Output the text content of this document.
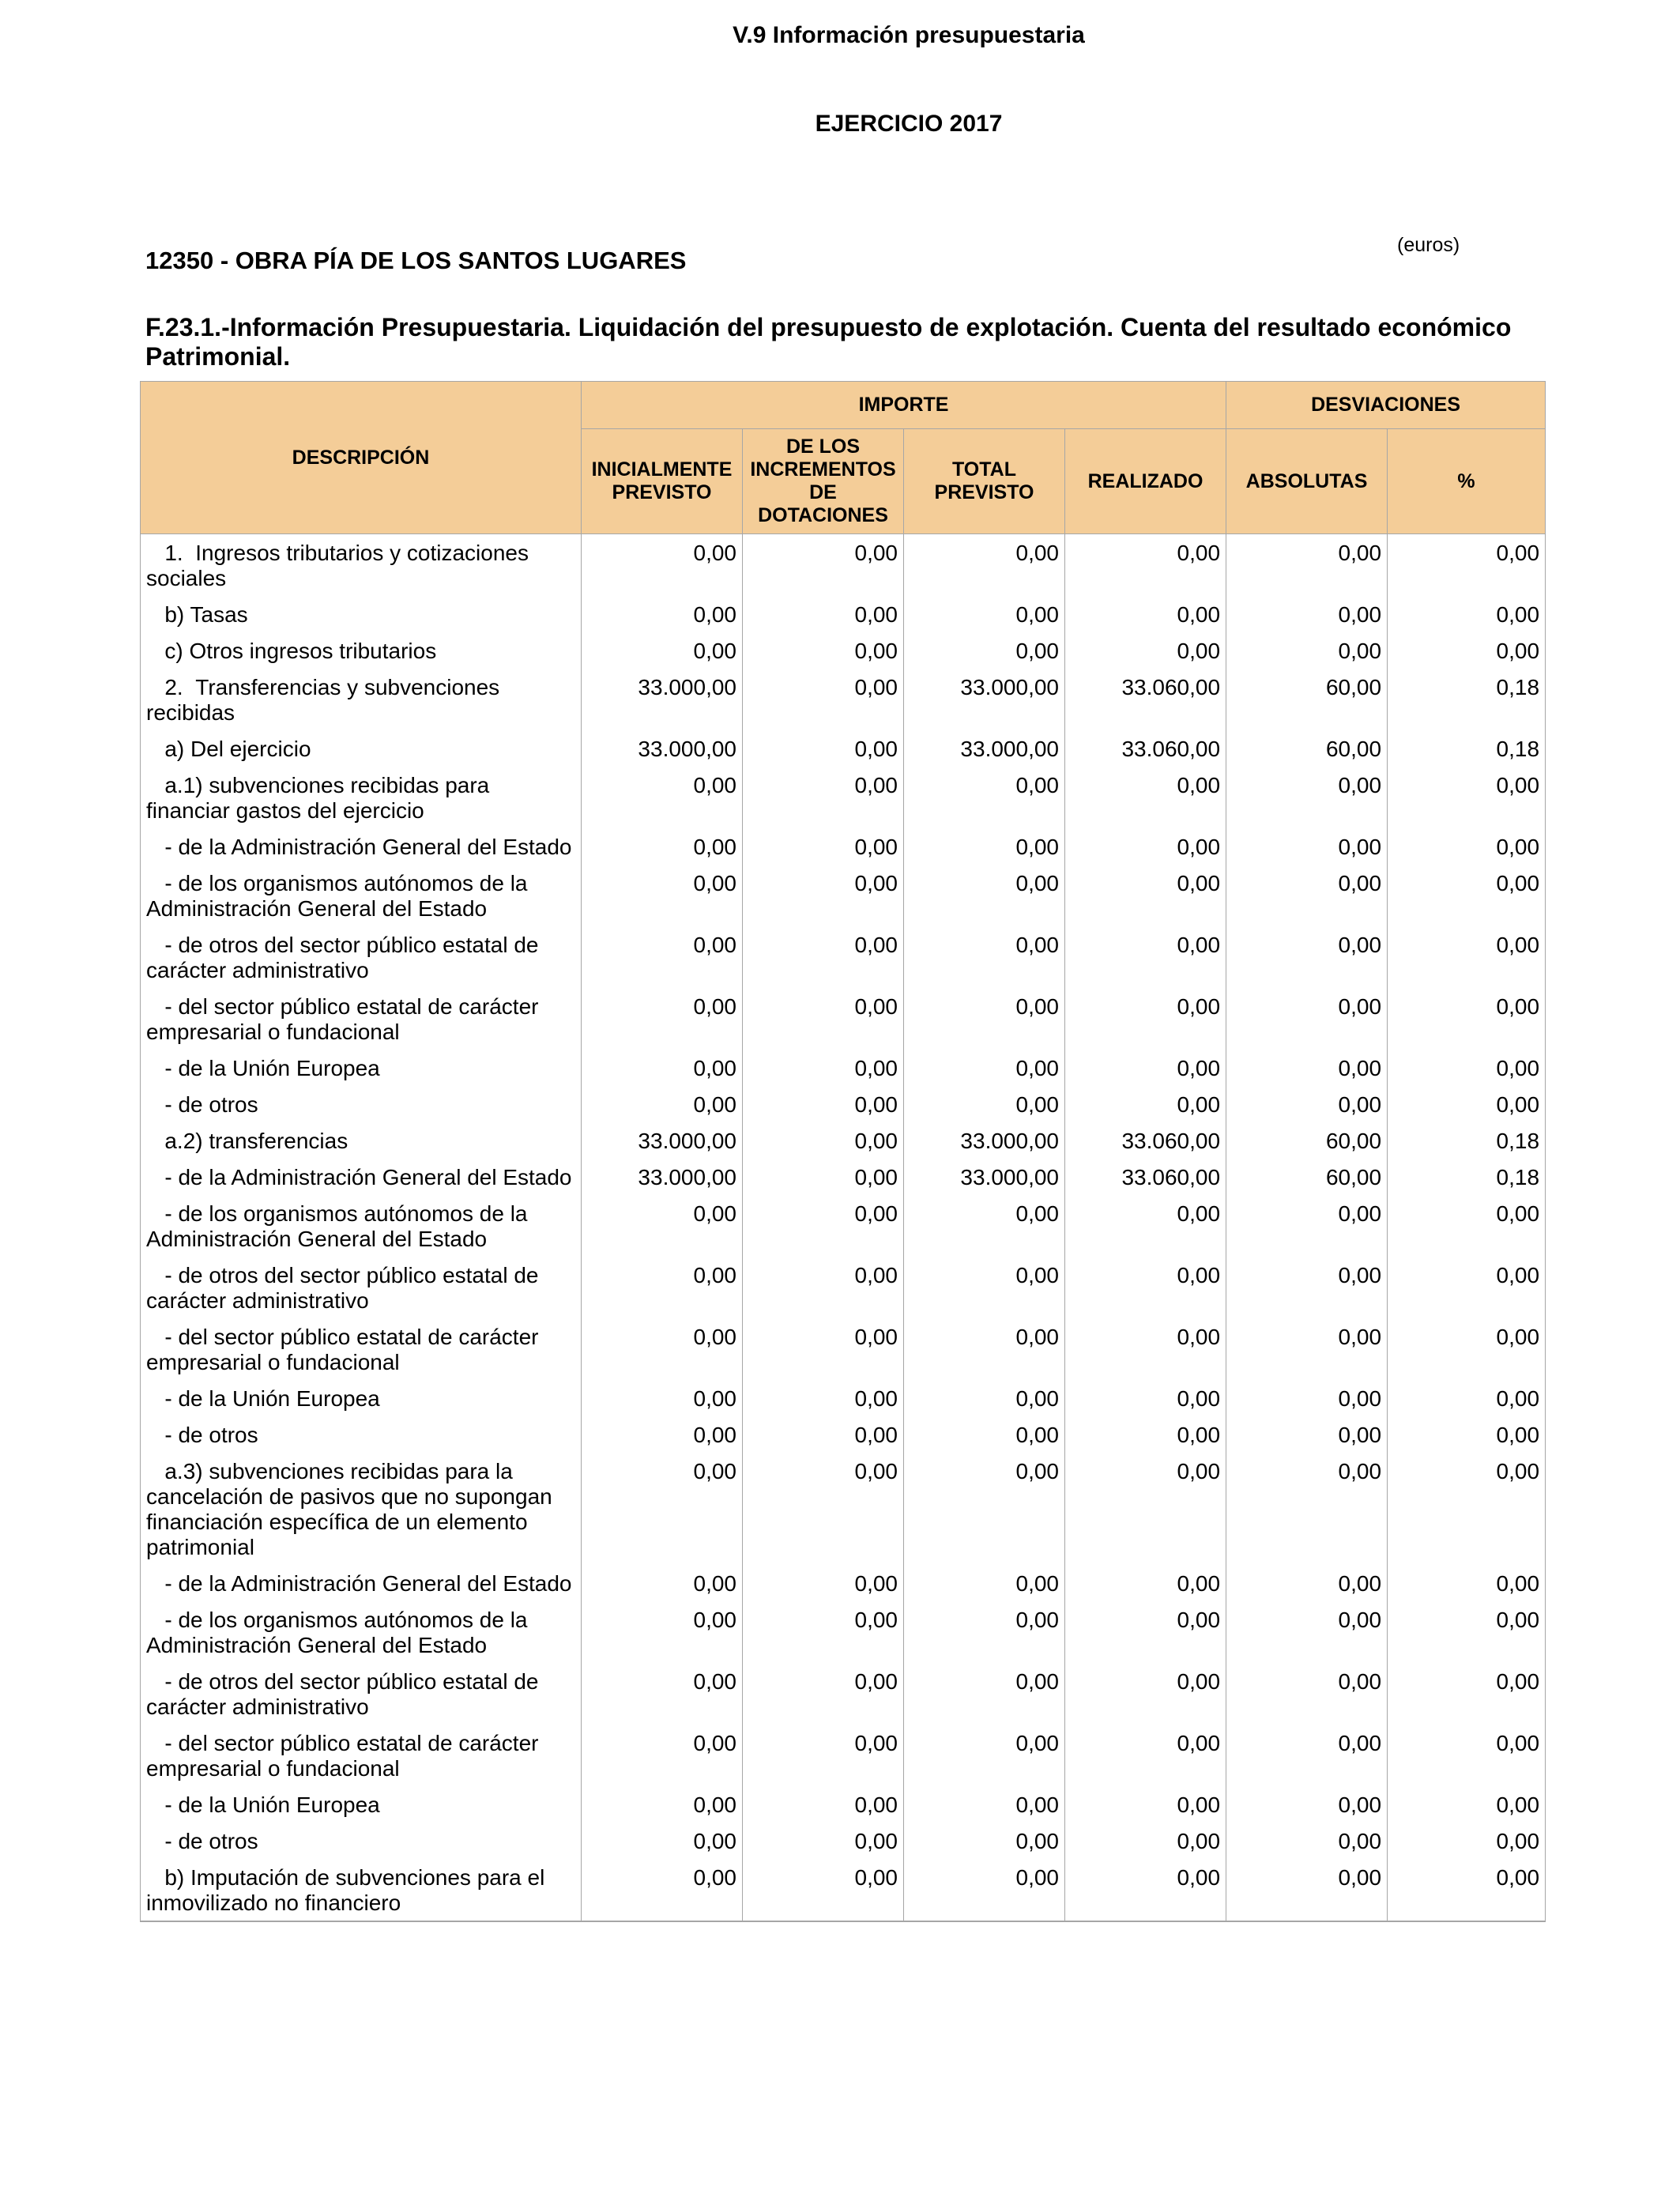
V.9 Información presupuestaria
EJERCICIO 2017
12350 - OBRA PÍA DE LOS SANTOS LUGARES
(euros)
F.23.1.-Información Presupuestaria. Liquidación del presupuesto de explotación. Cuenta del resultado económico Patrimonial.
DESCRIPCIÓN	IMPORTE				DESVIACIONES	
	INICIALMENTE PREVISTO	DE LOS INCREMENTOS DE DOTACIONES	TOTAL PREVISTO	REALIZADO	ABSOLUTAS	%
1.  Ingresos tributarios y cotizaciones sociales	0,00	0,00	0,00	0,00	0,00	0,00
b) Tasas	0,00	0,00	0,00	0,00	0,00	0,00
c) Otros ingresos tributarios	0,00	0,00	0,00	0,00	0,00	0,00
2.  Transferencias y subvenciones recibidas	33.000,00	0,00	33.000,00	33.060,00	60,00	0,18
a) Del ejercicio	33.000,00	0,00	33.000,00	33.060,00	60,00	0,18
a.1) subvenciones recibidas para financiar gastos del ejercicio	0,00	0,00	0,00	0,00	0,00	0,00
- de la Administración General del Estado	0,00	0,00	0,00	0,00	0,00	0,00
- de los organismos autónomos de la Administración General del Estado	0,00	0,00	0,00	0,00	0,00	0,00
- de otros del sector público estatal de carácter administrativo	0,00	0,00	0,00	0,00	0,00	0,00
- del sector público estatal de carácter empresarial o fundacional	0,00	0,00	0,00	0,00	0,00	0,00
- de la Unión Europea	0,00	0,00	0,00	0,00	0,00	0,00
- de otros	0,00	0,00	0,00	0,00	0,00	0,00
a.2) transferencias	33.000,00	0,00	33.000,00	33.060,00	60,00	0,18
- de la Administración General del Estado	33.000,00	0,00	33.000,00	33.060,00	60,00	0,18
- de los organismos autónomos de la Administración General del Estado	0,00	0,00	0,00	0,00	0,00	0,00
- de otros del sector público estatal de carácter administrativo	0,00	0,00	0,00	0,00	0,00	0,00
- del sector público estatal de carácter empresarial o fundacional	0,00	0,00	0,00	0,00	0,00	0,00
- de la Unión Europea	0,00	0,00	0,00	0,00	0,00	0,00
- de otros	0,00	0,00	0,00	0,00	0,00	0,00
a.3) subvenciones recibidas para la cancelación de pasivos que no supongan financiación específica de un elemento patrimonial	0,00	0,00	0,00	0,00	0,00	0,00
- de la Administración General del Estado	0,00	0,00	0,00	0,00	0,00	0,00
- de los organismos autónomos de la Administración General del Estado	0,00	0,00	0,00	0,00	0,00	0,00
- de otros del sector público estatal de carácter administrativo	0,00	0,00	0,00	0,00	0,00	0,00
- del sector público estatal de carácter empresarial o fundacional	0,00	0,00	0,00	0,00	0,00	0,00
- de la Unión Europea	0,00	0,00	0,00	0,00	0,00	0,00
- de otros	0,00	0,00	0,00	0,00	0,00	0,00
b) Imputación de subvenciones para el inmovilizado no financiero	0,00	0,00	0,00	0,00	0,00	0,00
